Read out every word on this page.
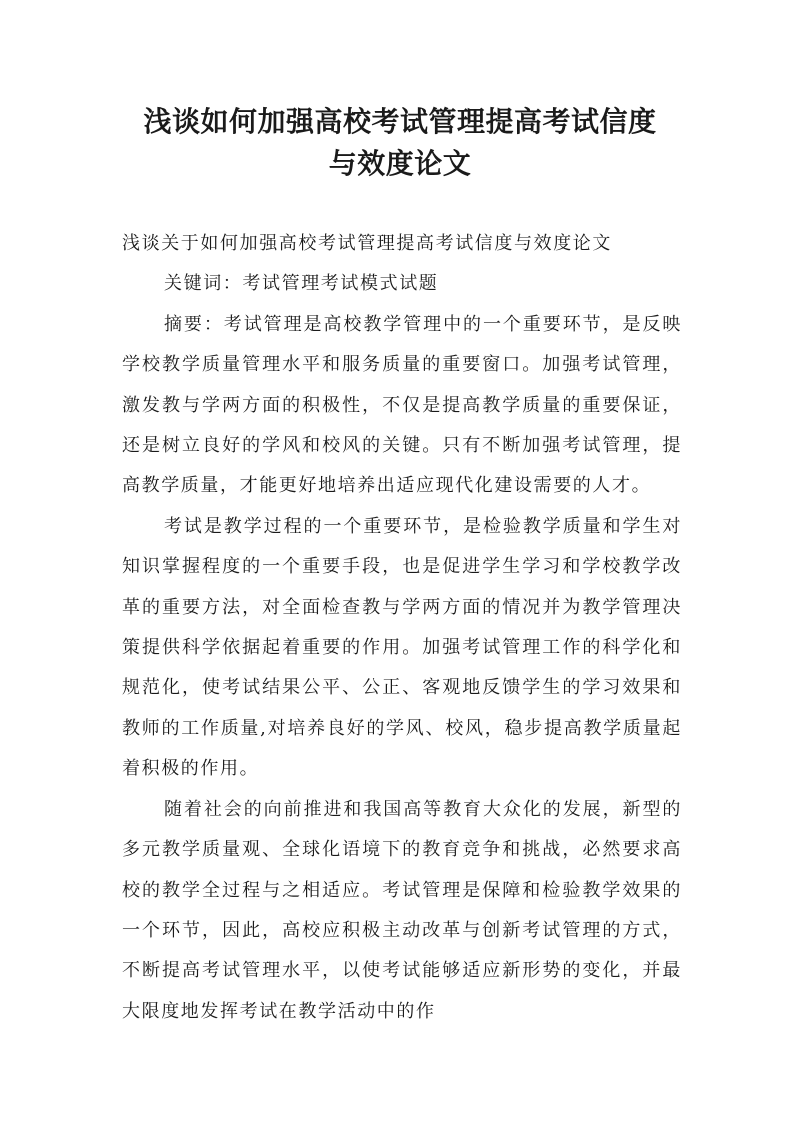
浅谈如何加强高校考试管理提高考试信度
与效度论文

浅谈关于如何加强高校考试管理提高考试信度与效度论文

关键词：考试管理考试模式试题

摘要：考试管理是高校教学管理中的一个重要环节，是反映学校教学质量管理水平和服务质量的重要窗口。加强考试管理，激发教与学两方面的积极性，不仅是提高教学质量的重要保证，还是树立良好的学风和校风的关键。只有不断加强考试管理，提高教学质量，才能更好地培养出适应现代化建设需要的人才。

考试是教学过程的一个重要环节，是检验教学质量和学生对知识掌握程度的一个重要手段，也是促进学生学习和学校教学改革的重要方法，对全面检查教与学两方面的情况并为教学管理决策提供科学依据起着重要的作用。加强考试管理工作的科学化和规范化，使考试结果公平、公正、客观地反馈学生的学习效果和教师的工作质量,对培养良好的学风、校风，稳步提高教学质量起着积极的作用。

随着社会的向前推进和我国高等教育大众化的发展，新型的多元教学质量观、全球化语境下的教育竞争和挑战，必然要求高校的教学全过程与之相适应。考试管理是保障和检验教学效果的一个环节，因此，高校应积极主动改革与创新考试管理的方式，不断提高考试管理水平，以使考试能够适应新形势的变化，并最大限度地发挥考试在教学活动中的作
